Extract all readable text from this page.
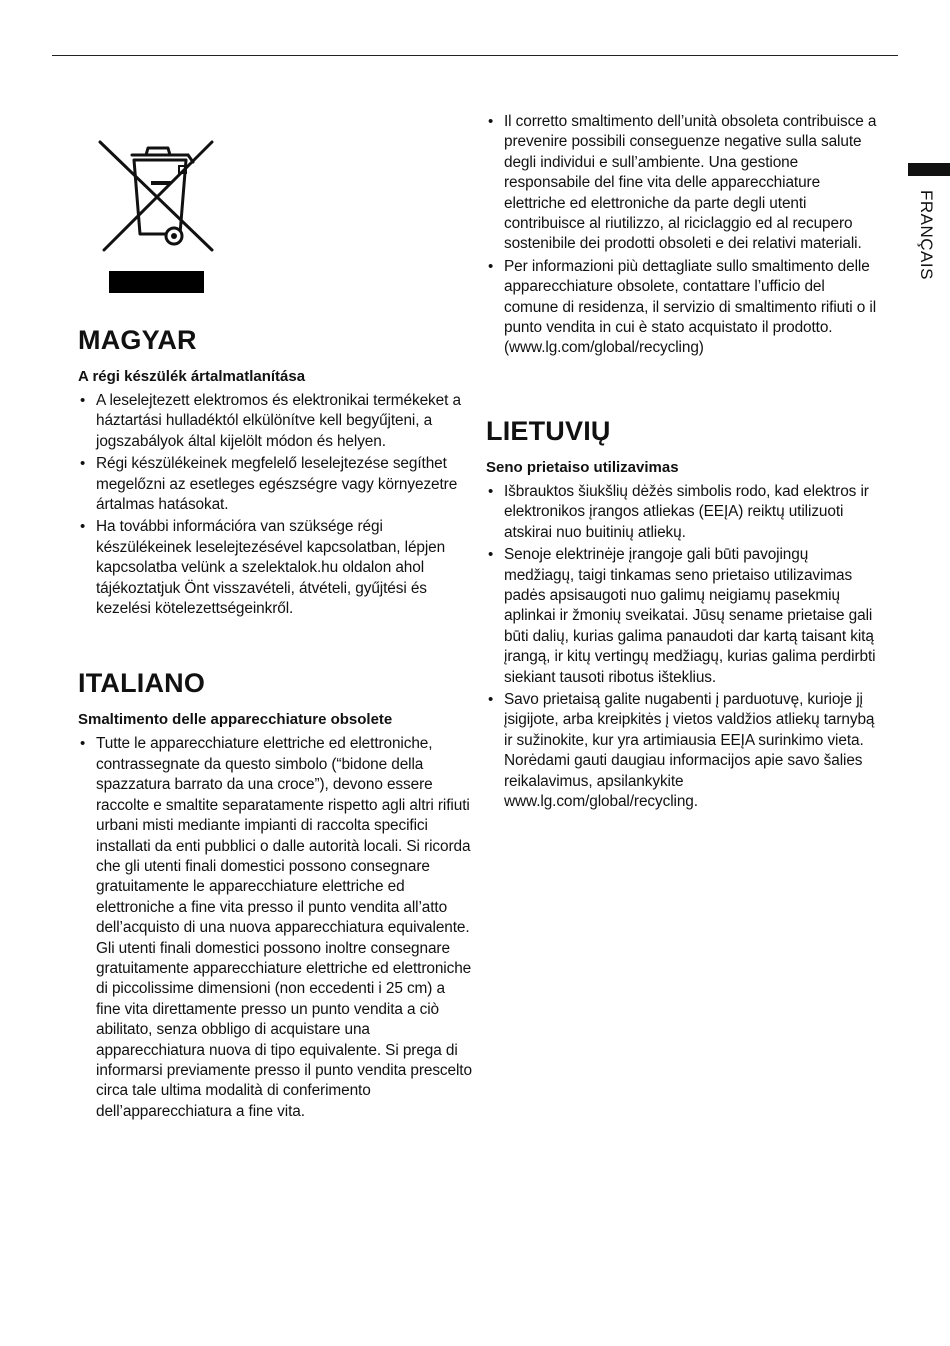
FRANÇAIS
MAGYAR
A régi készülék ártalmatlanítása
• A leselejtezett elektromos és elektronikai termékeket a háztartási hulladéktól elkülönítve kell begyűjteni, a jogszabályok által kijelölt módon és helyen.
• Régi készülékeinek megfelelő leselejtezése segíthet megelőzni az esetleges egészségre vagy környezetre ártalmas hatásokat.
• Ha további információra van szüksége régi készülékeinek leselejtezésével kapcsolatban, lépjen kapcsolatba velünk a szelektalok.hu oldalon ahol tájékoztatjuk Önt visszavételi, átvételi, gyűjtési és kezelési kötelezettségeinkről.
ITALIANO
Smaltimento delle apparecchiature obsolete
• Tutte le apparecchiature elettriche ed elettroniche, contrassegnate da questo simbolo (“bidone della spazzatura barrato da una croce”), devono essere raccolte e smaltite separatamente rispetto agli altri rifiuti urbani misti mediante impianti di raccolta specifici installati da enti pubblici o dalle autorità locali. Si ricorda che gli utenti finali domestici possono consegnare gratuitamente le apparecchiature elettriche ed elettroniche a fine vita presso il punto vendita all’atto dell’acquisto di una nuova apparecchiatura equivalente. Gli utenti finali domestici possono inoltre consegnare gratuitamente apparecchiature elettriche ed elettroniche di piccolissime dimensioni (non eccedenti i 25 cm) a fine vita direttamente presso un punto vendita a ciò abilitato, senza obbligo di acquistare una apparecchiatura nuova di tipo equivalente. Si prega di informarsi previamente presso il punto vendita prescelto circa tale ultima modalità di conferimento dell’apparecchiatura a fine vita.
• Il corretto smaltimento dell’unità obsoleta contribuisce a prevenire possibili conseguenze negative sulla salute degli individui e sull’ambiente. Una gestione responsabile del fine vita delle apparecchiature elettriche ed elettroniche da parte degli utenti contribuisce al riutilizzo, al riciclaggio ed al recupero sostenibile dei prodotti obsoleti e dei relativi materiali.
• Per informazioni più dettagliate sullo smaltimento delle apparecchiature obsolete, contattare l’ufficio del comune di residenza, il servizio di smaltimento rifiuti o il punto vendita in cui è stato acquistato il prodotto. (www.lg.com/global/recycling)
LIETUVIŲ
Seno prietaiso utilizavimas
• Išbrauktos šiukšlių dėžės simbolis rodo, kad elektros ir elektronikos įrangos atliekas (EEĮA) reiktų utilizuoti atskirai nuo buitinių atliekų.
• Senoje elektrinėje įrangoje gali būti pavojingų medžiagų, taigi tinkamas seno prietaiso utilizavimas padės apsisaugoti nuo galimų neigiamų pasekmių aplinkai ir žmonių sveikatai. Jūsų sename prietaise gali būti dalių, kurias galima panaudoti dar kartą taisant kitą įrangą, ir kitų vertingų medžiagų, kurias galima perdirbti siekiant tausoti ribotus išteklius.
• Savo prietaisą galite nugabenti į parduotuvę, kurioje jį įsigijote, arba kreipkitės į vietos valdžios atliekų tarnybą ir sužinokite, kur yra artimiausia EEĮA surinkimo vieta. Norėdami gauti daugiau informacijos apie savo šalies reikalavimus, apsilankykite www.lg.com/global/recycling.
